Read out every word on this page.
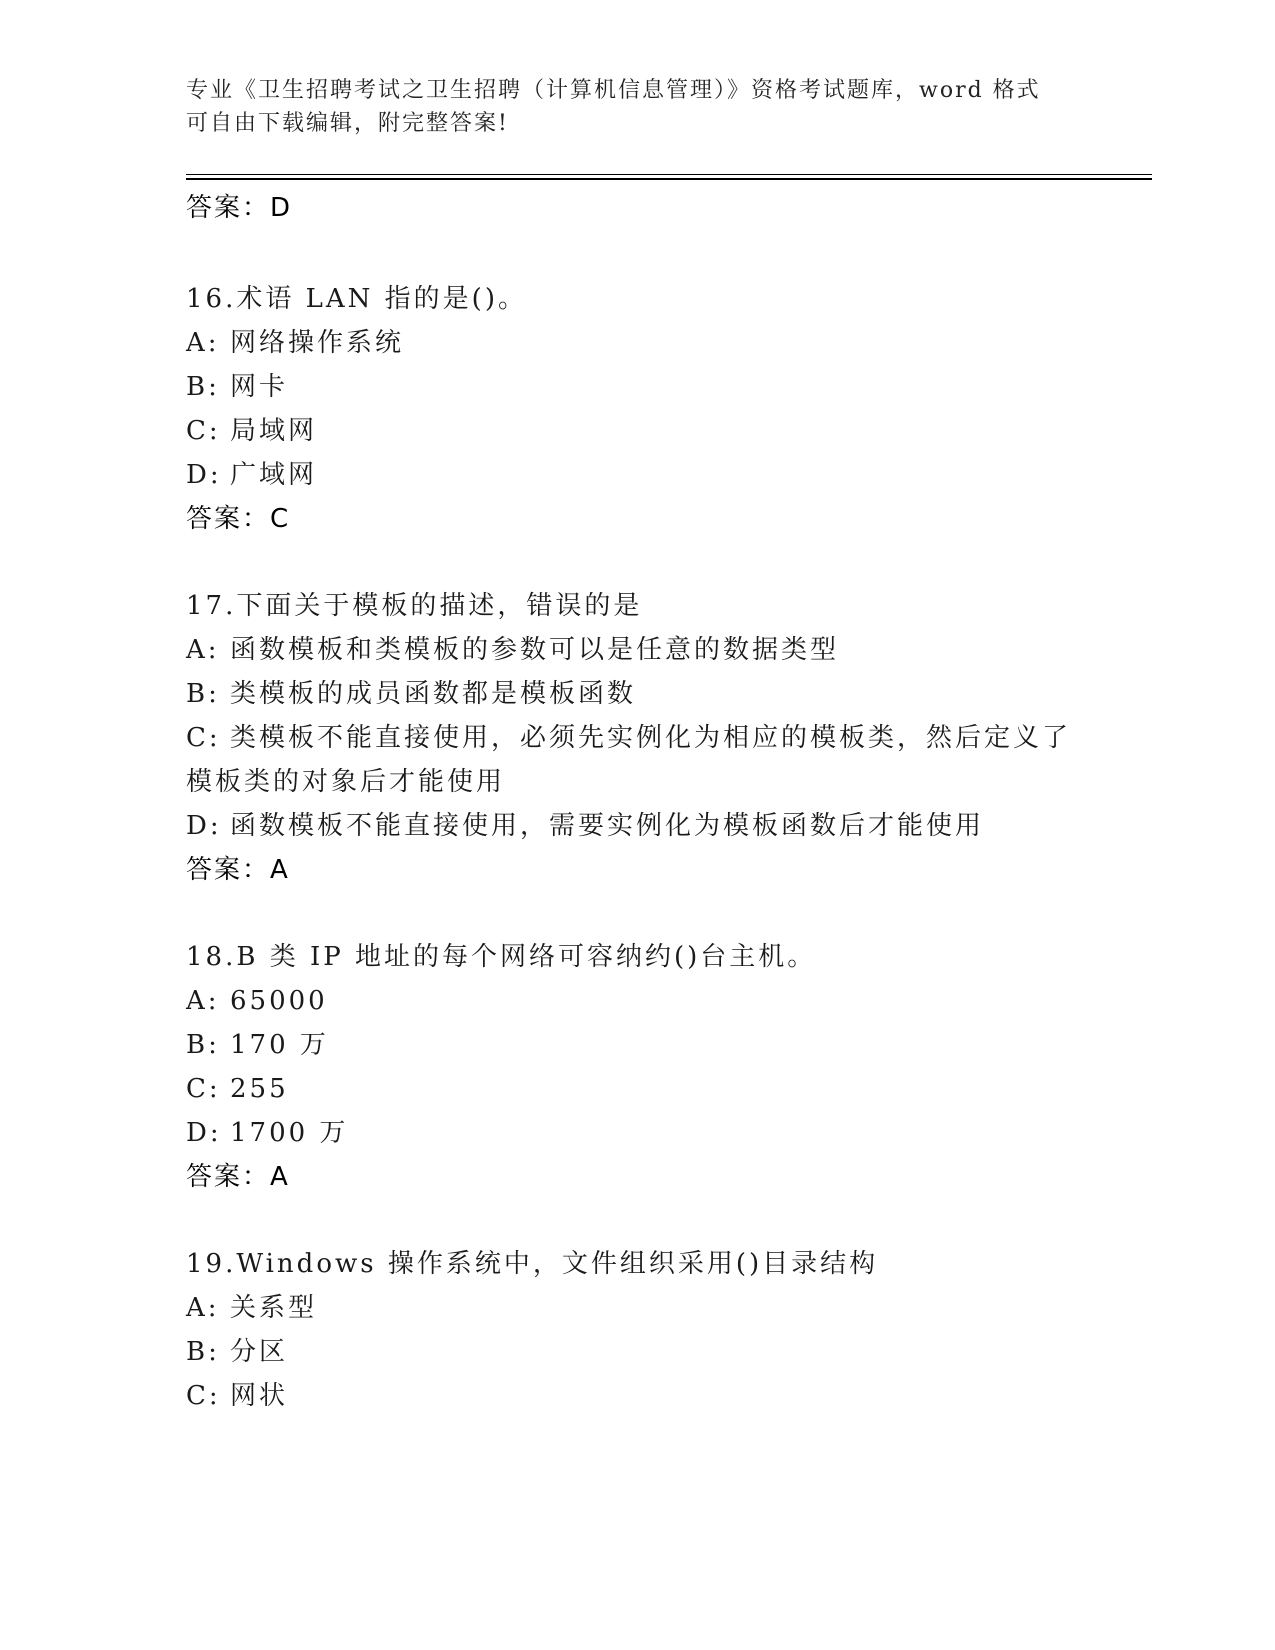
专业《卫生招聘考试之卫生招聘（计算机信息管理）》资格考试题库，word 格式
可自由下载编辑，附完整答案!
答案：D
16.术语 LAN 指的是()。
A: 网络操作系统
B: 网卡
C: 局域网
D: 广域网
答案：C
17.下面关于模板的描述，错误的是
A: 函数模板和类模板的参数可以是任意的数据类型
B: 类模板的成员函数都是模板函数
C: 类模板不能直接使用，必须先实例化为相应的模板类，然后定义了
模板类的对象后才能使用
D: 函数模板不能直接使用，需要实例化为模板函数后才能使用
答案：A
18.B 类 IP 地址的每个网络可容纳约()台主机。
A: 65000
B: 170 万
C: 255
D: 1700 万
答案：A
19.Windows 操作系统中，文件组织采用()目录结构
A: 关系型
B: 分区
C: 网状
